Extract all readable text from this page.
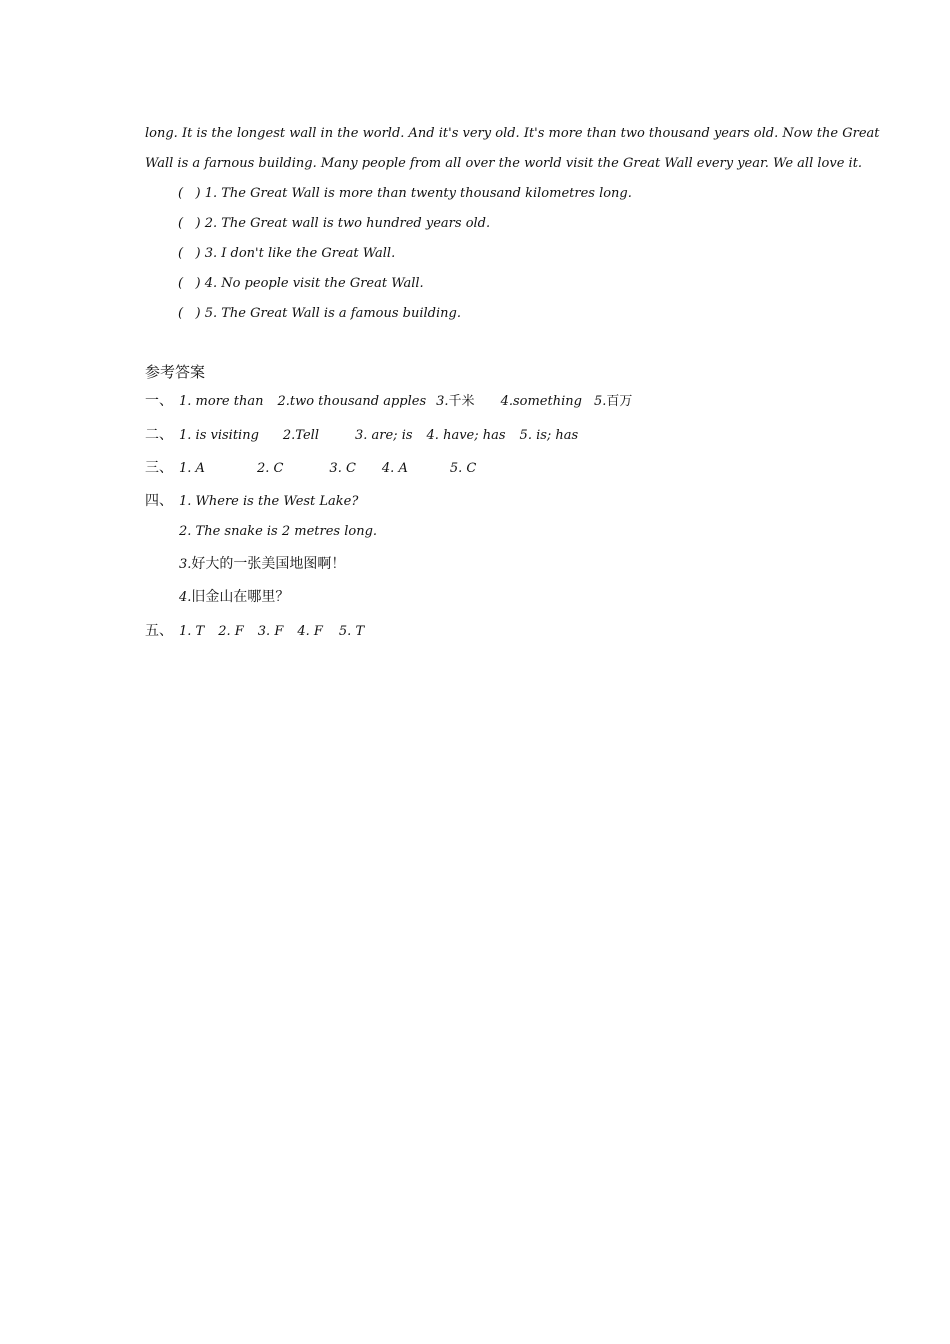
long. It is the longest wall in the world. And it's very old. It's more than two thousand years old. Now the Great
Wall is a farnous building. Many people from all over the world visit the Great Wall every year. We all love it.
(   ) 1. The Great Wall is more than twenty thousand kilometres long.
(   ) 2. The Great wall is two hundred years old.
(   ) 3. I don't like the Great Wall.
(   ) 4. No people visit the Great Wall.
(   ) 5. The Great Wall is a famous building.
参考答案
一、 1. more than 2.two thousand apples 3.千米 4.something 5.百万
二、 1. is visiting 2.Tell	3. are; is 4. have; has 5. is; has
三、 1. A	2. C	3. C 4. A	5. C
四、 1. Where is the West Lake?
2. The snake is 2 metres long.
3.好大的一张美国地图啊！
4.旧金山在哪里？
五、 1. T 2. F 3. F 4. F 5. T
